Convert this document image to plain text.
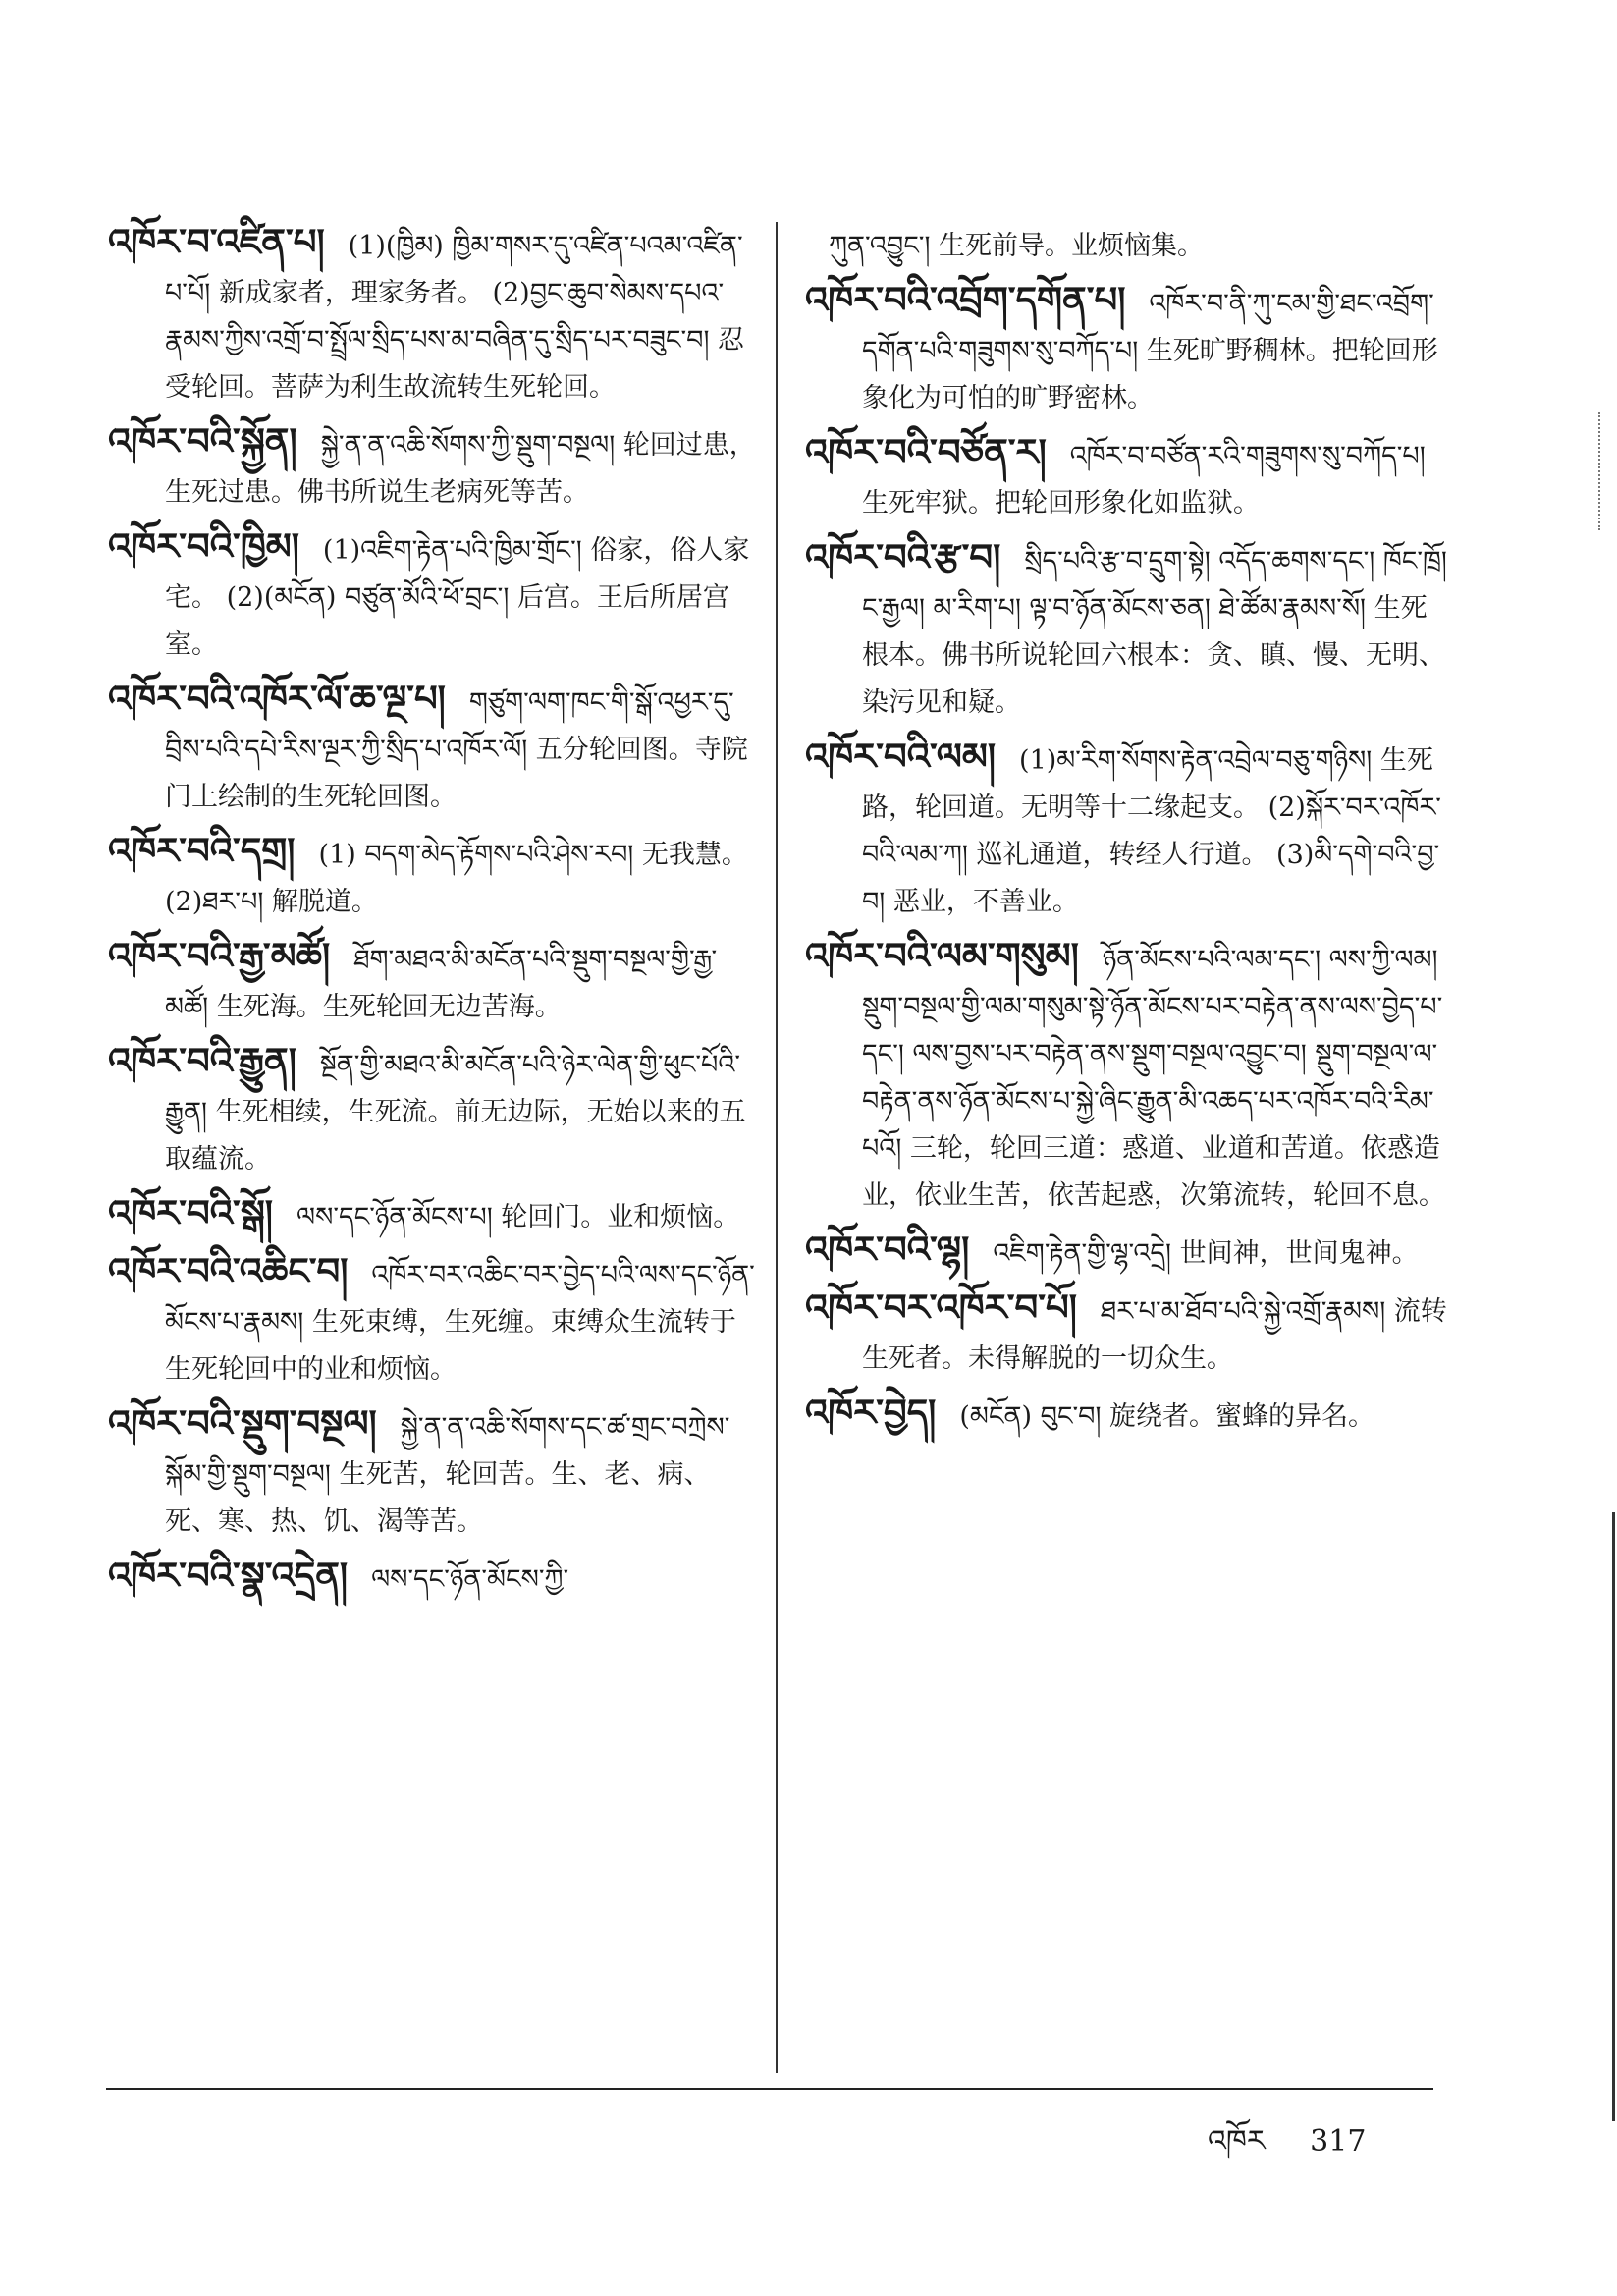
འཁོར་བ་འཛིན་པ། (1)(ཁྱིམ) ཁྱིམ་གསར་དུ་འཛིན་པའམ་འཛིན་པ་པོ། 新成家者，理家务者。 (2)བྱང་ཆུབ་སེམས་དཔའ་རྣམས་ཀྱིས་འགྲོ་བ་སྤྲོལ་སྲིད་པས་མ་བཞིན་དུ་སྲིད་པར་བཟུང་བ། 忍受轮回。菩萨为利生故流转生死轮回。

འཁོར་བའི་སྐྱོན། སྐྱེ་ན་ན་འཆི་སོགས་ཀྱི་སྡུག་བསྔལ། 轮回过患，生死过患。佛书所说生老病死等苦。

འཁོར་བའི་ཁྱིམ། (1)འཇིག་རྟེན་པའི་ཁྱིམ་གྲོང་། 俗家，俗人家宅。 (2)(མངོན) བཙུན་མོའི་ཕོ་བྲང་། 后宫。王后所居宫室。

འཁོར་བའི་འཁོར་ལོ་ཆ་ལྔ་པ། གཙུག་ལག་ཁང་གི་སྒོ་འཕྱར་དུ་བྲིས་པའི་དཔེ་རིས་ལྔར་ཀྱི་སྲིད་པ་འཁོར་ལོ། 五分轮回图。寺院门上绘制的生死轮回图。

འཁོར་བའི་དགྲ། (1) བདག་མེད་རྟོགས་པའི་ཤེས་རབ། 无我慧。 (2)ཐར་པ། 解脱道。

འཁོར་བའི་རྒྱ་མཚོ། ཐོག་མཐའ་མི་མངོན་པའི་སྡུག་བསྔལ་གྱི་རྒྱ་མཚོ། 生死海。生死轮回无边苦海。

འཁོར་བའི་རྒྱུན། སྔོན་གྱི་མཐའ་མི་མངོན་པའི་ཉེར་ལེན་གྱི་ཕུང་པོའི་རྒྱུན། 生死相续，生死流。前无边际，无始以来的五取蕴流。

འཁོར་བའི་སྒོ། ལས་དང་ཉོན་མོངས་པ། 轮回门。业和烦恼。

འཁོར་བའི་འཆིང་བ། འཁོར་བར་འཆིང་བར་བྱེད་པའི་ལས་དང་ཉོན་མོངས་པ་རྣམས། 生死束缚，生死缠。束缚众生流转于生死轮回中的业和烦恼。

འཁོར་བའི་སྡུག་བསྔལ། སྐྱེ་ན་ན་འཆི་སོགས་དང་ཚ་གྲང་བཀྲེས་སྐོམ་གྱི་སྡུག་བསྔལ། 生死苦，轮回苦。生、老、病、死、寒、热、饥、渴等苦。

འཁོར་བའི་སྣ་འདྲེན། ལས་དང་ཉོན་མོངས་ཀྱི་

ཀུན་འབྱུང་། 生死前导。业烦恼集。

འཁོར་བའི་འབྲོག་དགོན་པ། འཁོར་བ་ནི་ཀུ་ངམ་གྱི་ཐང་འབྲོག་དགོན་པའི་གཟུགས་སུ་བཀོད་པ། 生死旷野稠林。把轮回形象化为可怕的旷野密林。

འཁོར་བའི་བཙོན་ར། འཁོར་བ་བཙོན་རའི་གཟུགས་སུ་བཀོད་པ། 生死牢狱。把轮回形象化如监狱。

འཁོར་བའི་རྩ་བ། སྲིད་པའི་རྩ་བ་དྲུག་སྟེ། འདོད་ཆགས་དང་། ཁོང་ཁྲོ། ང་རྒྱལ། མ་རིག་པ། ལྟ་བ་ཉོན་མོངས་ཅན། ཐེ་ཚོམ་རྣམས་སོ། 生死根本。佛书所说轮回六根本：贪、瞋、慢、无明、染污见和疑。

འཁོར་བའི་ལམ། (1)མ་རིག་སོགས་རྟེན་འབྲེལ་བཅུ་གཉིས། 生死路，轮回道。无明等十二缘起支。 (2)སྐོར་བར་འཁོར་བའི་ལམ་ཀ། 巡礼通道，转经人行道。 (3)མི་དགེ་བའི་བྱ་བ། 恶业，不善业。

འཁོར་བའི་ལམ་གསུམ། ཉོན་མོངས་པའི་ལམ་དང་། ལས་ཀྱི་ལམ། སྡུག་བསྔལ་གྱི་ལམ་གསུམ་སྟེ་ཉོན་མོངས་པར་བརྟེན་ནས་ལས་བྱེད་པ་དང་། ལས་བྱས་པར་བརྟེན་ནས་སྡུག་བསྔལ་འབྱུང་བ། སྡུག་བསྔལ་ལ་བརྟེན་ནས་ཉོན་མོངས་པ་སྐྱེ་ཞིང་རྒྱུན་མི་འཆད་པར་འཁོར་བའི་རིམ་པའོ། 三轮，轮回三道：惑道、业道和苦道。依惑造业，依业生苦，依苦起惑，次第流转，轮回不息。

འཁོར་བའི་ལྷ། འཇིག་རྟེན་གྱི་ལྷ་འདྲེ། 世间神，世间鬼神。

འཁོར་བར་འཁོར་བ་པོ། ཐར་པ་མ་ཐོབ་པའི་སྐྱེ་འགྲོ་རྣམས། 流转生死者。未得解脱的一切众生。

འཁོར་བྱེད། (མངོན) བུང་བ། 旋绕者。蜜蜂的异名。

འཁོར 317
